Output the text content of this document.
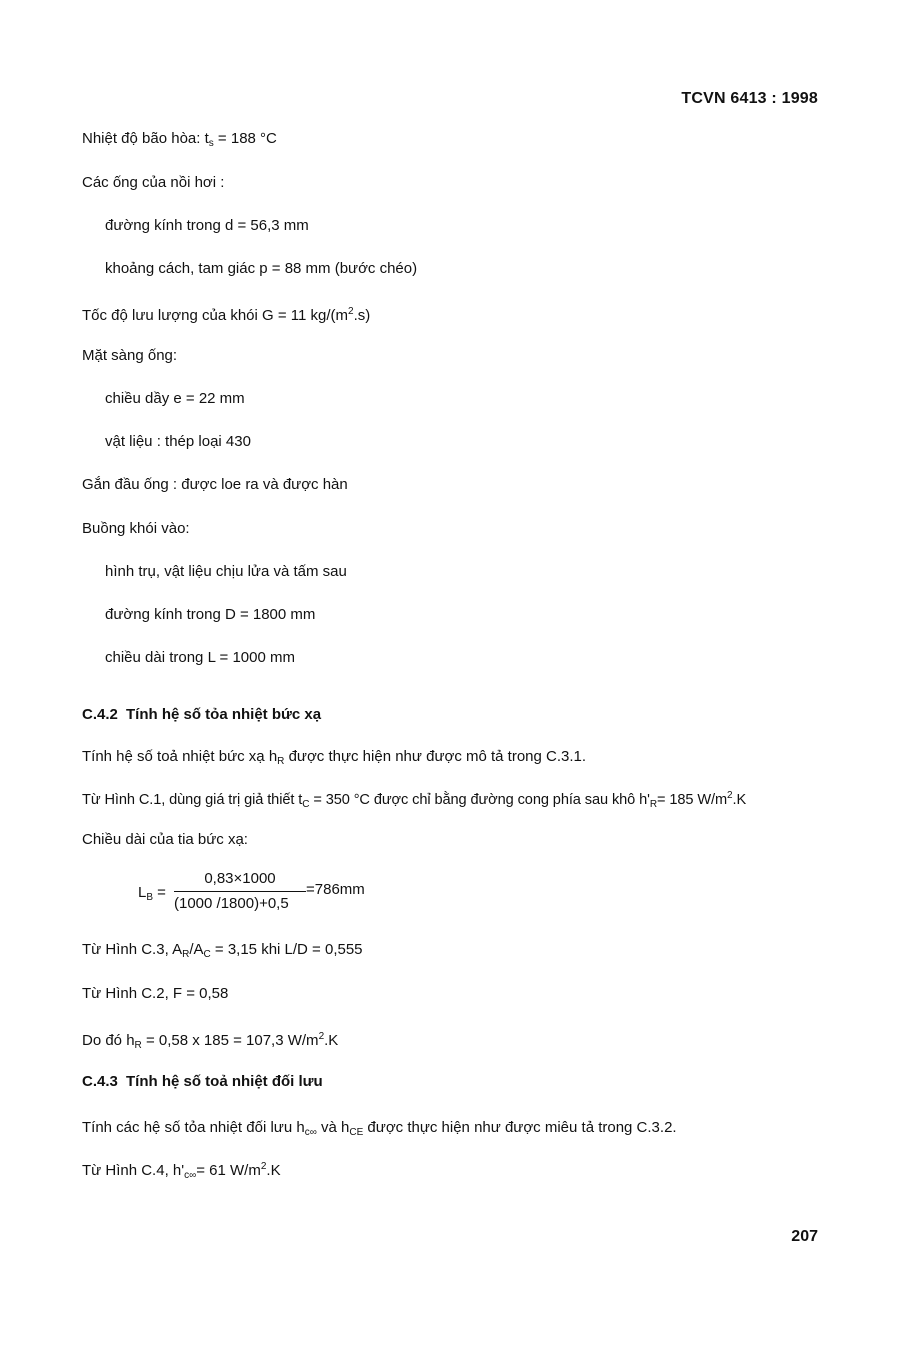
TCVN 6413 : 1998
Nhiệt độ bão hòa: $t_s = 188$ °C
Các ống của nồi hơi :
đường kính trong d = 56,3 mm
khoảng cách, tam giác p = 88 mm (bước chéo)
Tốc độ lưu lượng của khói G = 11 $kg/(m^2.s)$
Mặt sàng ống:
chiều dầy e = 22 mm
vật liệu : thép loại 430
Gắn đầu ống : được loe ra và được hàn
Buồng khói vào:
hình trụ, vật liệu chịu lửa và tấm sau
đường kính trong D = 1800 mm
chiều dài trong L = 1000 mm
C.4.2 Tính hệ số tỏa nhiệt bức xạ
Tính hệ số toả nhiệt bức xạ $h_R$ được thực hiện như được mô tả trong C.3.1.
Từ Hình C.1, dùng giá trị giả thiết $t_C = 350$ °C được chỉ bằng đường cong phía sau khô $h'_R= 185$ $W/m^2.K$
Chiều dài của tia bức xạ:
$L_B$ =
0,83×1000
(1000 /1800)+0,5
=786mm
Từ Hình C.3, $A_R/A_C = 3,15$ khi L/D = 0,555
Từ Hình C.2, F = 0,58
Do đó $h_R = 0,58$ x 185 = 107,3 $W/m^2.K$
C.4.3 Tính hệ số toả nhiệt đối lưu
Tính các hệ số tỏa nhiệt đối lưu $h_{c\infty}$ và $h_{CE}$ được thực hiện như được miêu tả trong C.3.2.
Từ Hình C.4, $h'_{c\infty}= 61$ $W/m^2.K$
207
